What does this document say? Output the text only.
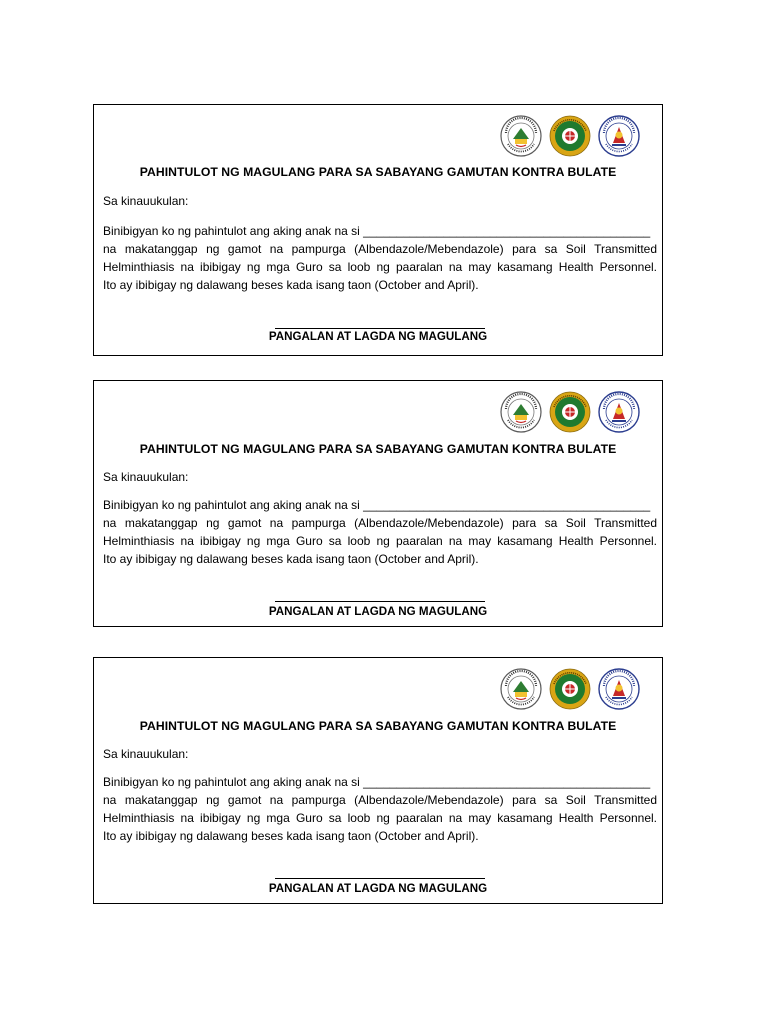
PAHINTULOT NG MAGULANG PARA SA SABAYANG GAMUTAN KONTRA BULATE
Sa kinauukulan:
Binibigyan ko ng pahintulot ang aking anak na si ___________________________________________
na makatanggap ng gamot na pampurga (Albendazole/Mebendazole) para sa Soil Transmitted
Helminthiasis na ibibigay ng mga Guro sa loob ng paaralan na may kasamang Health Personnel.
Ito ay ibibigay ng dalawang beses kada isang taon (October and April).
PANGALAN AT LAGDA NG MAGULANG
PAHINTULOT NG MAGULANG PARA SA SABAYANG GAMUTAN KONTRA BULATE
Sa kinauukulan:
Binibigyan ko ng pahintulot ang aking anak na si ___________________________________________
na makatanggap ng gamot na pampurga (Albendazole/Mebendazole) para sa Soil Transmitted
Helminthiasis na ibibigay ng mga Guro sa loob ng paaralan na may kasamang Health Personnel.
Ito ay ibibigay ng dalawang beses kada isang taon (October and April).
PANGALAN AT LAGDA NG MAGULANG
PAHINTULOT NG MAGULANG PARA SA SABAYANG GAMUTAN KONTRA BULATE
Sa kinauukulan:
Binibigyan ko ng pahintulot ang aking anak na si ___________________________________________
na makatanggap ng gamot na pampurga (Albendazole/Mebendazole) para sa Soil Transmitted
Helminthiasis na ibibigay ng mga Guro sa loob ng paaralan na may kasamang Health Personnel.
Ito ay ibibigay ng dalawang beses kada isang taon (October and April).
PANGALAN AT LAGDA NG MAGULANG
